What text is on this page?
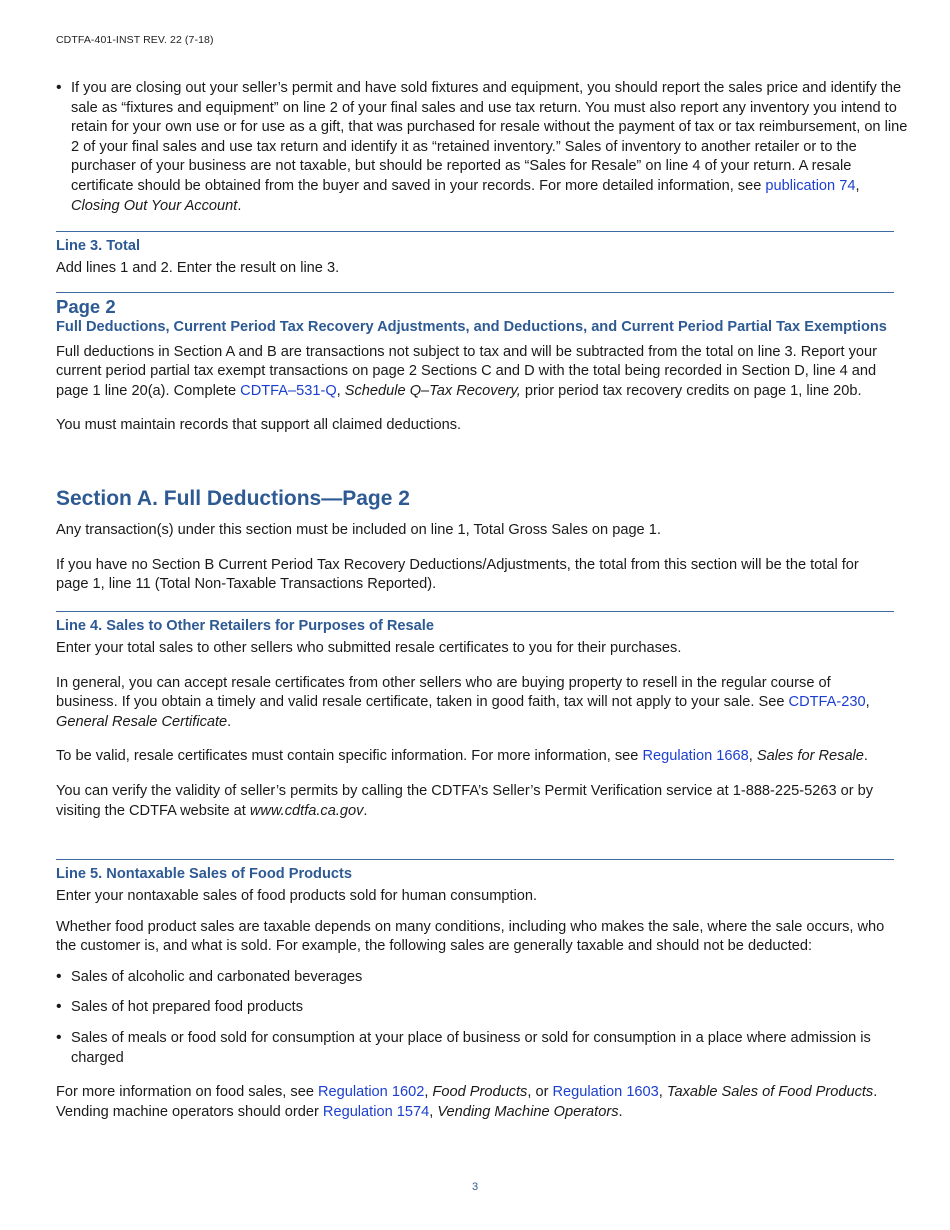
CDTFA-401-INST REV. 22 (7-18)
• If you are closing out your seller’s permit and have sold fixtures and equipment, you should report the sales price and identify the sale as “fixtures and equipment” on line 2 of your final sales and use tax return. You must also report any inventory you intend to retain for your own use or for use as a gift, that was purchased for resale without the payment of tax or tax reimbursement, on line 2 of your final sales and use tax return and identify it as “retained inventory.” Sales of inventory to another retailer or to the purchaser of your business are not taxable, but should be reported as “Sales for Resale” on line 4 of your return. A resale certificate should be obtained from the buyer and saved in your records. For more detailed information, see publication 74, Closing Out Your Account.

Line 3. Total

Add lines 1 and 2. Enter the result on line 3.

Page 2
Full Deductions, Current Period Tax Recovery Adjustments, and Deductions, and Current Period Partial Tax Exemptions

Full deductions in Section A and B are transactions not subject to tax and will be subtracted from the total on line 3. Report your current period partial tax exempt transactions on page 2 Sections C and D with the total being recorded in Section D, line 4 and page 1 line 20(a). Complete CDTFA–531-Q, Schedule Q–Tax Recovery, prior period tax recovery credits on page 1, line 20b.

You must maintain records that support all claimed deductions.

Section A. Full Deductions—Page 2

Any transaction(s) under this section must be included on line 1, Total Gross Sales on page 1.

If you have no Section B Current Period Tax Recovery Deductions/Adjustments, the total from this section will be the total for page 1, line 11 (Total Non-Taxable Transactions Reported).

Line 4. Sales to Other Retailers for Purposes of Resale

Enter your total sales to other sellers who submitted resale certificates to you for their purchases.

In general, you can accept resale certificates from other sellers who are buying property to resell in the regular course of business. If you obtain a timely and valid resale certificate, taken in good faith, tax will not apply to your sale. See CDTFA-230, General Resale Certificate.

To be valid, resale certificates must contain specific information. For more information, see Regulation 1668, Sales for Resale.

You can verify the validity of seller’s permits by calling the CDTFA’s Seller’s Permit Verification service at 1-888-225-5263 or by visiting the CDTFA website at www.cdtfa.ca.gov.

Line 5. Nontaxable Sales of Food Products

Enter your nontaxable sales of food products sold for human consumption.

Whether food product sales are taxable depends on many conditions, including who makes the sale, where the sale occurs, who the customer is, and what is sold. For example, the following sales are generally taxable and should not be deducted:

• Sales of alcoholic and carbonated beverages

• Sales of hot prepared food products

• Sales of meals or food sold for consumption at your place of business or sold for consumption in a place where admission is charged

For more information on food sales, see Regulation 1602, Food Products, or Regulation 1603, Taxable Sales of Food Products. Vending machine operators should order Regulation 1574, Vending Machine Operators.

3
